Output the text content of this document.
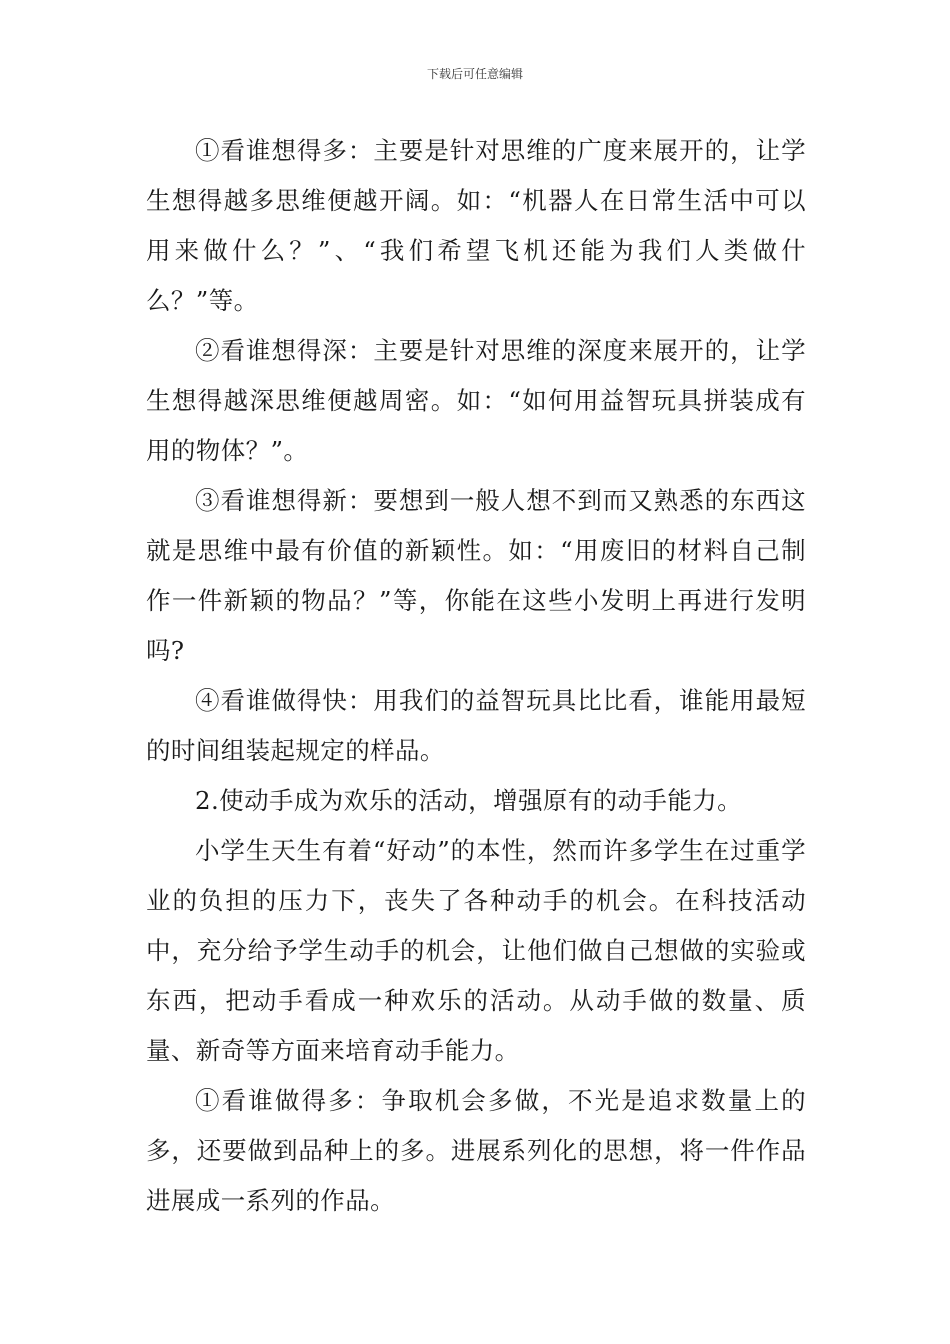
下载后可任意编辑

①看谁想得多：主要是针对思维的广度来展开的，让学生想得越多思维便越开阔。如：“机器人在日常生活中可以用来做什么？”、“我们希望飞机还能为我们人类做什么？”等。

②看谁想得深：主要是针对思维的深度来展开的，让学生想得越深思维便越周密。如：“如何用益智玩具拼装成有用的物体？”。

③看谁想得新：要想到一般人想不到而又熟悉的东西这就是思维中最有价值的新颖性。如：“用废旧的材料自己制作一件新颖的物品？”等，你能在这些小发明上再进行发明吗?

④看谁做得快：用我们的益智玩具比比看，谁能用最短的时间组装起规定的样品。

2.使动手成为欢乐的活动，增强原有的动手能力。

小学生天生有着“好动”的本性，然而许多学生在过重学业的负担的压力下，丧失了各种动手的机会。在科技活动中，充分给予学生动手的机会，让他们做自己想做的实验或东西，把动手看成一种欢乐的活动。从动手做的数量、质量、新奇等方面来培育动手能力。

①看谁做得多：争取机会多做，不光是追求数量上的多，还要做到品种上的多。进展系列化的思想，将一件作品进展成一系列的作品。
